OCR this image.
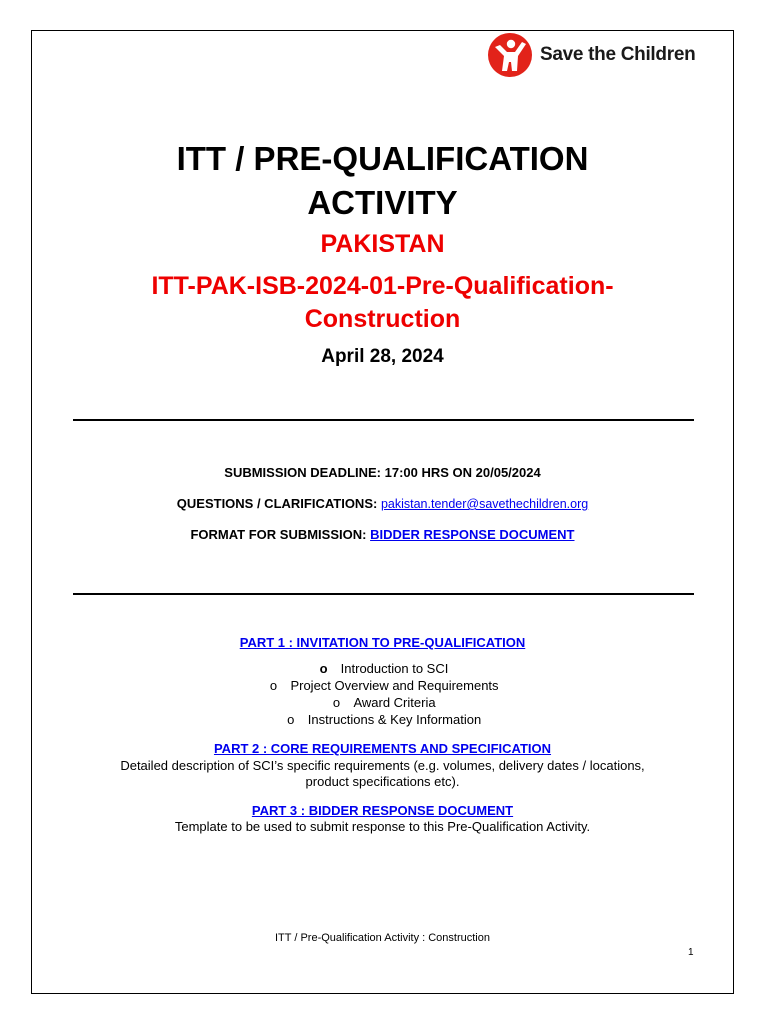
Save the Children
ITT / PRE-QUALIFICATION
ACTIVITY
PAKISTAN
ITT-PAK-ISB-2024-01-Pre-Qualification-
Construction
April 28, 2024
SUBMISSION DEADLINE: 17:00 HRS ON 20/05/2024
QUESTIONS / CLARIFICATIONS: pakistan.tender@savethechildren.org
FORMAT FOR SUBMISSION: BIDDER RESPONSE DOCUMENT
PART 1 : INVITATION TO PRE-QUALIFICATION
o Introduction to SCI
o Project Overview and Requirements
o Award Criteria
o Instructions & Key Information
PART 2 : CORE REQUIREMENTS AND SPECIFICATION
Detailed description of SCI’s specific requirements (e.g. volumes, delivery dates / locations,
product specifications etc).
PART 3 : BIDDER RESPONSE DOCUMENT
Template to be used to submit response to this Pre-Qualification Activity.
ITT / Pre-Qualification Activity : Construction
1
